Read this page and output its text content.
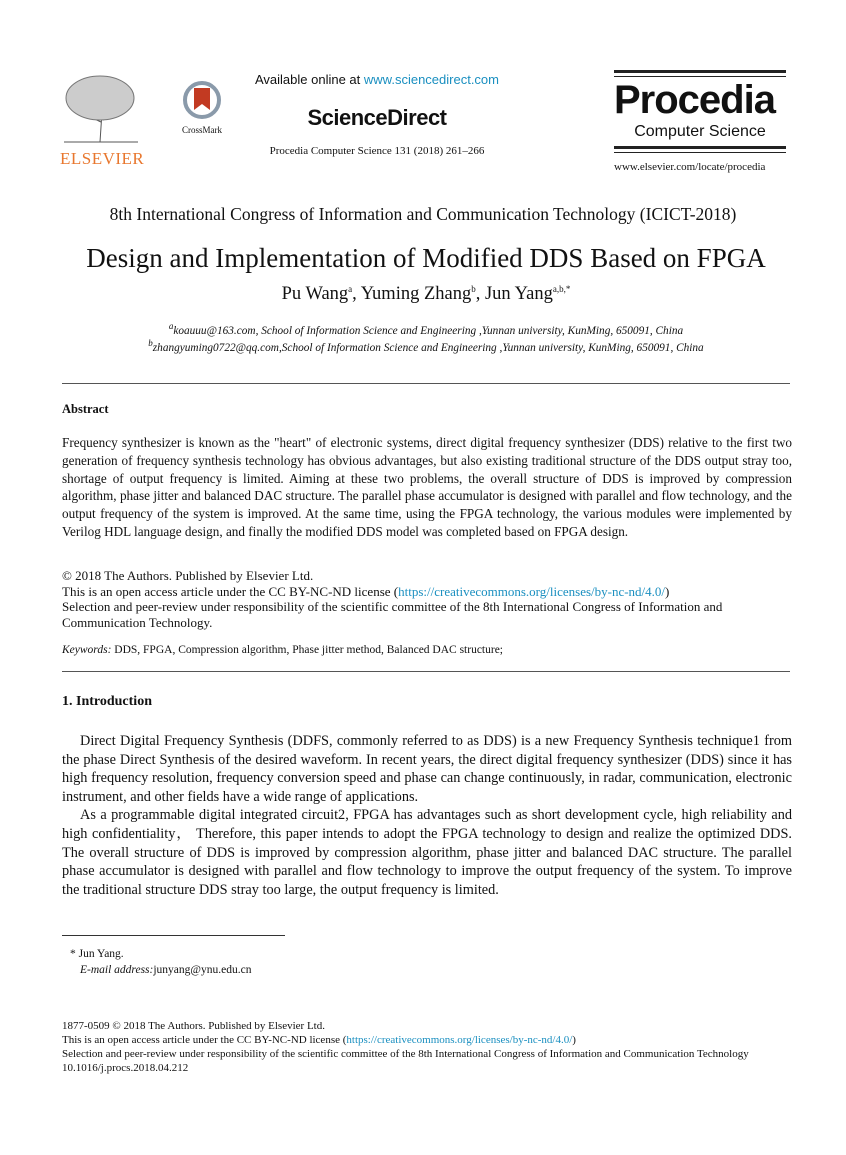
ELSEVIER
CrossMark
Available online at www.sciencedirect.com
ScienceDirect
Procedia Computer Science 131 (2018) 261–266
Procedia
Computer Science
www.elsevier.com/locate/procedia
8th International Congress of Information and Communication Technology (ICICT-2018)
Design and Implementation of Modified DDS Based on FPGA
Pu Wang$^a$, Yuming Zhang$^b$, Jun Yang$^{a,b,*}$
$^a$koauuu@163.com, School of Information Science and Engineering ,Yunnan university, KunMing, 650091, China
$^b$zhangyuming0722@qq.com,School of Information Science and Engineering ,Yunnan university, KunMing, 650091, China
Abstract

Frequency synthesizer is known as the "heart" of electronic systems, direct digital frequency synthesizer (DDS) relative to the first two generation of frequency synthesis technology has obvious advantages, but also existing traditional structure of the DDS output stray too, shortage of output frequency is limited. Aiming at these two problems, the overall structure of DDS is improved by compression algorithm, phase jitter and balanced DAC structure. The parallel phase accumulator is designed with parallel and flow technology, and the output frequency of the system is improved. At the same time, using the FPGA technology, the various modules were implemented by Verilog HDL language design, and finally the modified DDS model was completed based on FPGA design.

© 2018 The Authors. Published by Elsevier Ltd.
This is an open access article under the CC BY-NC-ND license (https://creativecommons.org/licenses/by-nc-nd/4.0/)
Selection and peer-review under responsibility of the scientific committee of the 8th International Congress of Information and Communication Technology.
Keywords: DDS, FPGA, Compression algorithm, Phase jitter method, Balanced DAC structure;
1. Introduction

Direct Digital Frequency Synthesis (DDFS, commonly referred to as DDS) is a new Frequency Synthesis technique1 from the phase Direct Synthesis of the desired waveform. In recent years, the direct digital frequency synthesizer (DDS) since it has high frequency resolution, frequency conversion speed and phase can change continuously, in radar, communication, electronic instrument, and other fields have a wide range of applications.

As a programmable digital integrated circuit2, FPGA has advantages such as short development cycle, high reliability and high confidentiality， Therefore, this paper intends to adopt the FPGA technology to design and realize the optimized DDS. The overall structure of DDS is improved by compression algorithm, phase jitter and balanced DAC structure. The parallel phase accumulator is designed with parallel and flow technology to improve the output frequency of the system. To improve the traditional structure DDS stray too large, the output frequency is limited.

* Jun Yang.
E-mail address:junyang@ynu.edu.cn
1877-0509 © 2018 The Authors. Published by Elsevier Ltd.
This is an open access article under the CC BY-NC-ND license (https://creativecommons.org/licenses/by-nc-nd/4.0/)
Selection and peer-review under responsibility of the scientific committee of the 8th International Congress of Information and Communication Technology
10.1016/j.procs.2018.04.212
